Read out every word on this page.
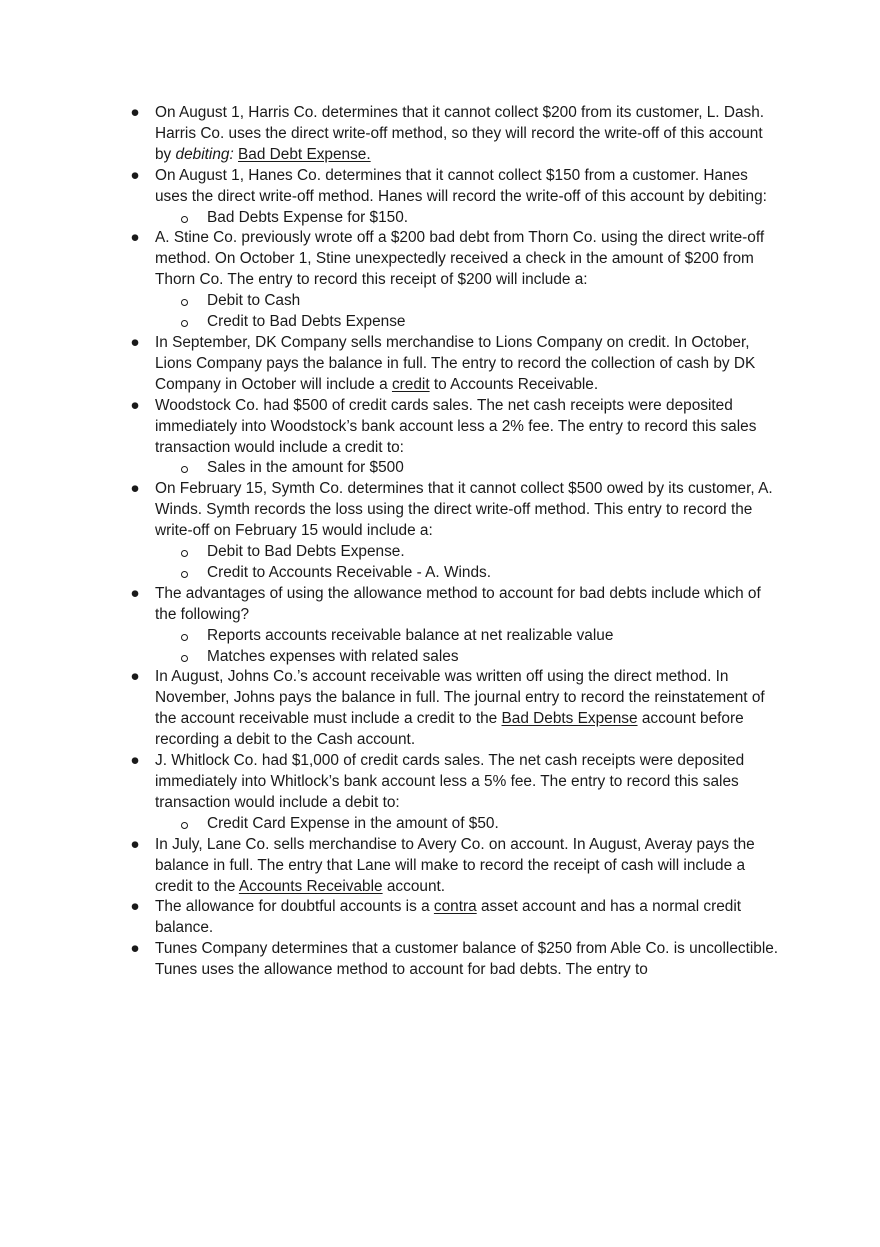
● On August 1, Harris Co. determines that it cannot collect $200 from its customer, L. Dash. Harris Co. uses the direct write-off method, so they will record the write-off of this account by debiting: Bad Debt Expense.
● On August 1, Hanes Co. determines that it cannot collect $150 from a customer. Hanes uses the direct write-off method. Hanes will record the write-off of this account by debiting:
Bad Debts Expense for $150.
● A. Stine Co. previously wrote off a $200 bad debt from Thorn Co. using the direct write-off method. On October 1, Stine unexpectedly received a check in the amount of $200 from Thorn Co. The entry to record this receipt of $200 will include a:
Debit to Cash
Credit to Bad Debts Expense
● In September, DK Company sells merchandise to Lions Company on credit. In October, Lions Company pays the balance in full. The entry to record the collection of cash by DK Company in October will include a credit to Accounts Receivable.
● Woodstock Co. had $500 of credit cards sales. The net cash receipts were deposited immediately into Woodstock’s bank account less a 2% fee. The entry to record this sales transaction would include a credit to:
Sales in the amount for $500
● On February 15, Symth Co. determines that it cannot collect $500 owed by its customer, A. Winds. Symth records the loss using the direct write-off method. This entry to record the write-off on February 15 would include a:
Debit to Bad Debts Expense.
Credit to Accounts Receivable - A. Winds.
● The advantages of using the allowance method to account for bad debts include which of the following?
Reports accounts receivable balance at net realizable value
Matches expenses with related sales
● In August, Johns Co.’s account receivable was written off using the direct method. In November, Johns pays the balance in full. The journal entry to record the reinstatement of the account receivable must include a credit to the Bad Debts Expense account before recording a debit to the Cash account.
● J. Whitlock Co. had $1,000 of credit cards sales. The net cash receipts were deposited immediately into Whitlock’s bank account less a 5% fee. The entry to record this sales transaction would include a debit to:
Credit Card Expense in the amount of $50.
● In July, Lane Co. sells merchandise to Avery Co. on account. In August, Averay pays the balance in full. The entry that Lane will make to record the receipt of cash will include a credit to the Accounts Receivable account.
● The allowance for doubtful accounts is a contra asset account and has a normal credit balance.
● Tunes Company determines that a customer balance of $250 from Able Co. is uncollectible. Tunes uses the allowance method to account for bad debts. The entry to
